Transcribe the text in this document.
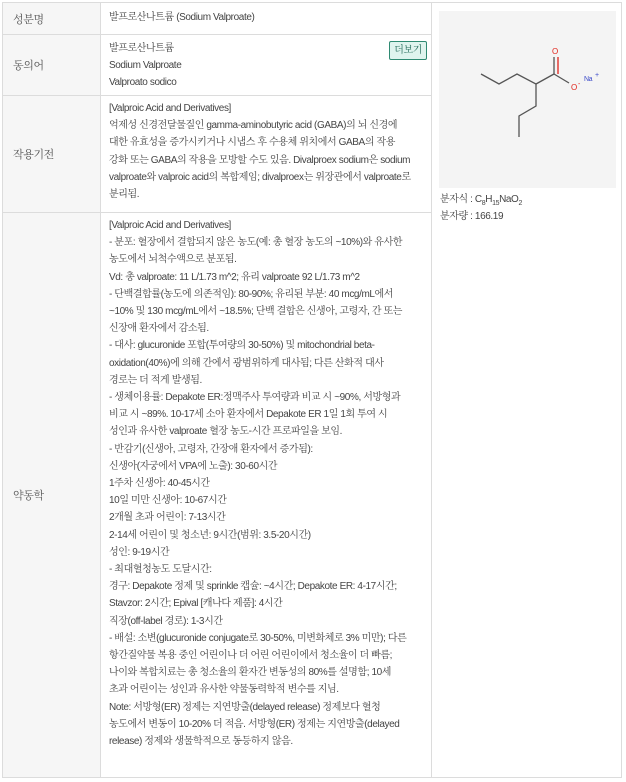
성분명	발프로산나트륨 (Sodium Valproate)
동의어
발프로산나트륨
Sodium Valproate
Valproato sodico
더보기
작용기전
[Valproic Acid and Derivatives]
억제성 신경전달물질인 gamma-aminobutyric acid (GABA)의 뇌 신경에
대한 유효성을 증가시키거나 시냅스 후 수용체 위치에서 GABA의 작용
강화 또는 GABA의 작용을 모방할 수도 있음. Divalproex sodium은 sodium
valproate와 valproic acid의 복합제임; divalproex는 위장관에서 valproate로
분리됨.
약동학
[Valproic Acid and Derivatives]
- 분포: 혈장에서 결합되지 않은 농도(예: 총 혈장 농도의 ~10%)와 유사한
농도에서 뇌척수액으로 분포됨.
Vd: 총 valproate: 11 L/1.73 m^2; 유리 valproate 92 L/1.73 m^2
- 단백결합률(농도에 의존적임): 80-90%; 유리된 부분: 40 mcg/mL에서
~10% 및 130 mcg/mL에서 ~18.5%; 단백 결합은 신생아, 고령자, 간 또는
신장애 환자에서 감소됨.
- 대사: glucuronide 포합(투여량의 30-50%) 및 mitochondrial beta-
oxidation(40%)에 의해 간에서 광범위하게 대사됨; 다른 산화적 대사
경로는 더 적게 발생됨.
- 생체이용률: Depakote ER:정맥주사 투여량과 비교 시 ~90%, 서방형과
비교 시 ~89%. 10-17세 소아 환자에서 Depakote ER 1일 1회 투여 시
성인과 유사한 valproate 혈장 농도-시간 프로파일을 보임.
- 반감기(신생아, 고령자, 간장애 환자에서 증가됨):
신생아(자궁에서 VPA에 노출): 30-60시간
1주차 신생아: 40-45시간
10일 미만 신생아: 10-67시간
2개월 초과 어린이: 7-13시간
2-14세 어린이 및 청소년: 9시간(범위: 3.5-20시간)
성인: 9-19시간
- 최대혈청농도 도달시간:
경구: Depakote 정제 및 sprinkle 캡슐: ~4시간; Depakote ER: 4-17시간;
Stavzor: 2시간; Epival [캐나다 제품]: 4시간
직장(off-label 경로): 1-3시간
- 배설: 소변(glucuronide conjugate로 30-50%, 미변화체로 3% 미만); 다른
항간질약물 복용 중인 어린이나 더 어린 어린이에서 청소율이 더 빠름;
나이와 복합치료는 총 청소율의 환자간 변동성의 80%를 설명함; 10세
초과 어린이는 성인과 유사한 약물동력학적 변수를 지님.
Note: 서방형(ER) 정제는 지연방출(delayed release) 정제보다 혈청
농도에서 변동이 10-20% 더 적음. 서방형(ER) 정제는 지연방출(delayed
release) 정제와 생물학적으로 동등하지 않음.
O
O -
Na
+
분자식 : $C_8H_{15}NaO_2$
분자량 : 166.19
